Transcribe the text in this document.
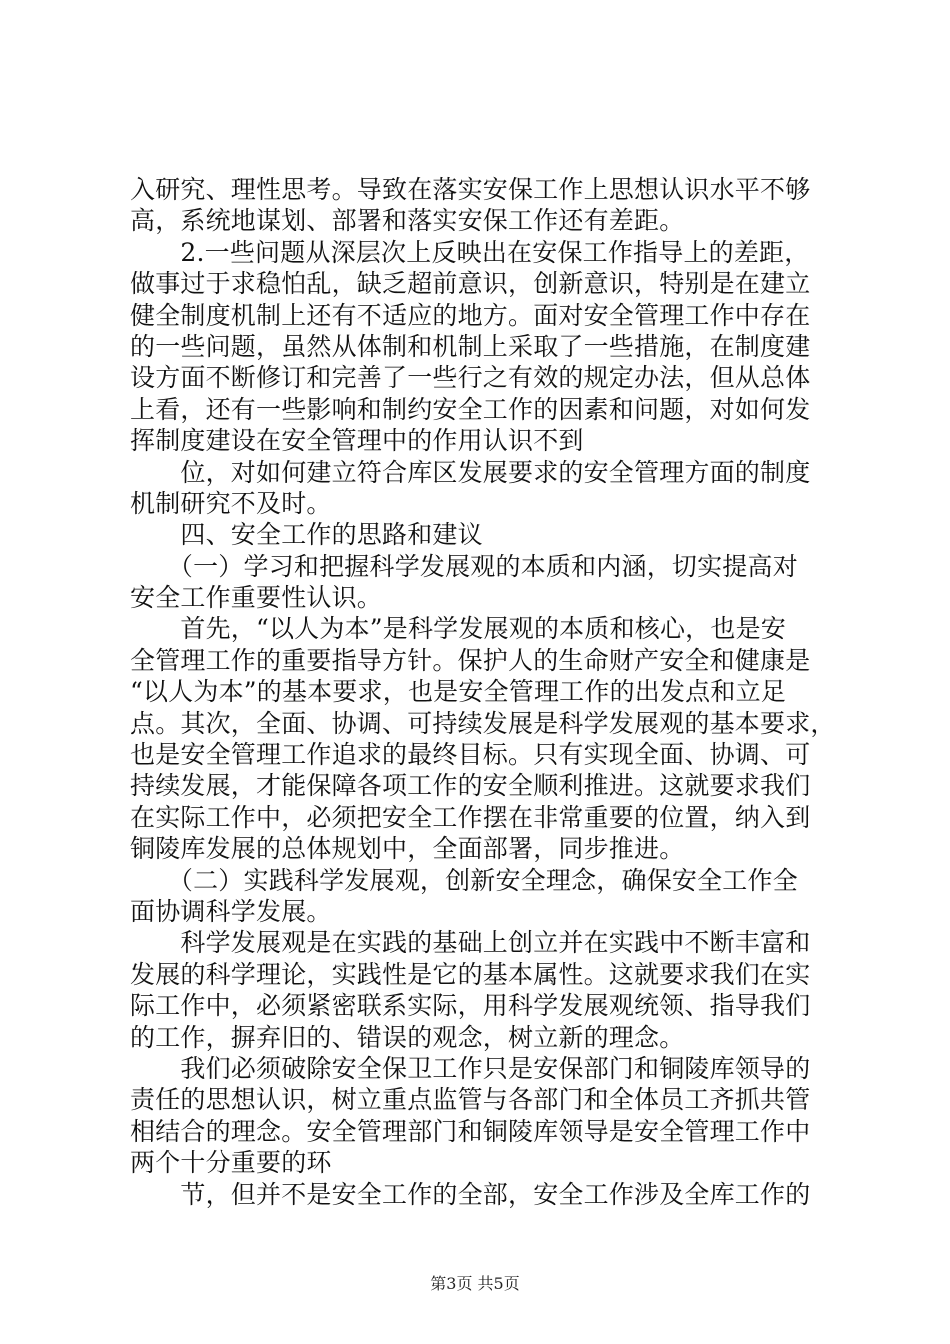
入研究、理性思考。导致在落实安保工作上思想认识水平不够
高，系统地谋划、部署和落实安保工作还有差距。
　　2.一些问题从深层次上反映出在安保工作指导上的差距，
做事过于求稳怕乱，缺乏超前意识，创新意识，特别是在建立
健全制度机制上还有不适应的地方。面对安全管理工作中存在
的一些问题，虽然从体制和机制上采取了一些措施，在制度建
设方面不断修订和完善了一些行之有效的规定办法，但从总体
上看，还有一些影响和制约安全工作的因素和问题，对如何发
挥制度建设在安全管理中的作用认识不到
　　位，对如何建立符合库区发展要求的安全管理方面的制度
机制研究不及时。
　　四、安全工作的思路和建议
　　（一）学习和把握科学发展观的本质和内涵，切实提高对
安全工作重要性认识。
　　首先，“以人为本”是科学发展观的本质和核心，也是安
全管理工作的重要指导方针。保护人的生命财产安全和健康是
“以人为本”的基本要求，也是安全管理工作的出发点和立足
点。其次，全面、协调、可持续发展是科学发展观的基本要求，
也是安全管理工作追求的最终目标。只有实现全面、协调、可
持续发展，才能保障各项工作的安全顺利推进。这就要求我们
在实际工作中，必须把安全工作摆在非常重要的位置，纳入到
铜陵库发展的总体规划中，全面部署，同步推进。
　　（二）实践科学发展观，创新安全理念，确保安全工作全
面协调科学发展。
　　科学发展观是在实践的基础上创立并在实践中不断丰富和
发展的科学理论，实践性是它的基本属性。这就要求我们在实
际工作中，必须紧密联系实际，用科学发展观统领、指导我们
的工作，摒弃旧的、错误的观念，树立新的理念。
　　我们必须破除安全保卫工作只是安保部门和铜陵库领导的
责任的思想认识，树立重点监管与各部门和全体员工齐抓共管
相结合的理念。安全管理部门和铜陵库领导是安全管理工作中
两个十分重要的环
　　节，但并不是安全工作的全部，安全工作涉及全库工作的
第3页 共5页
